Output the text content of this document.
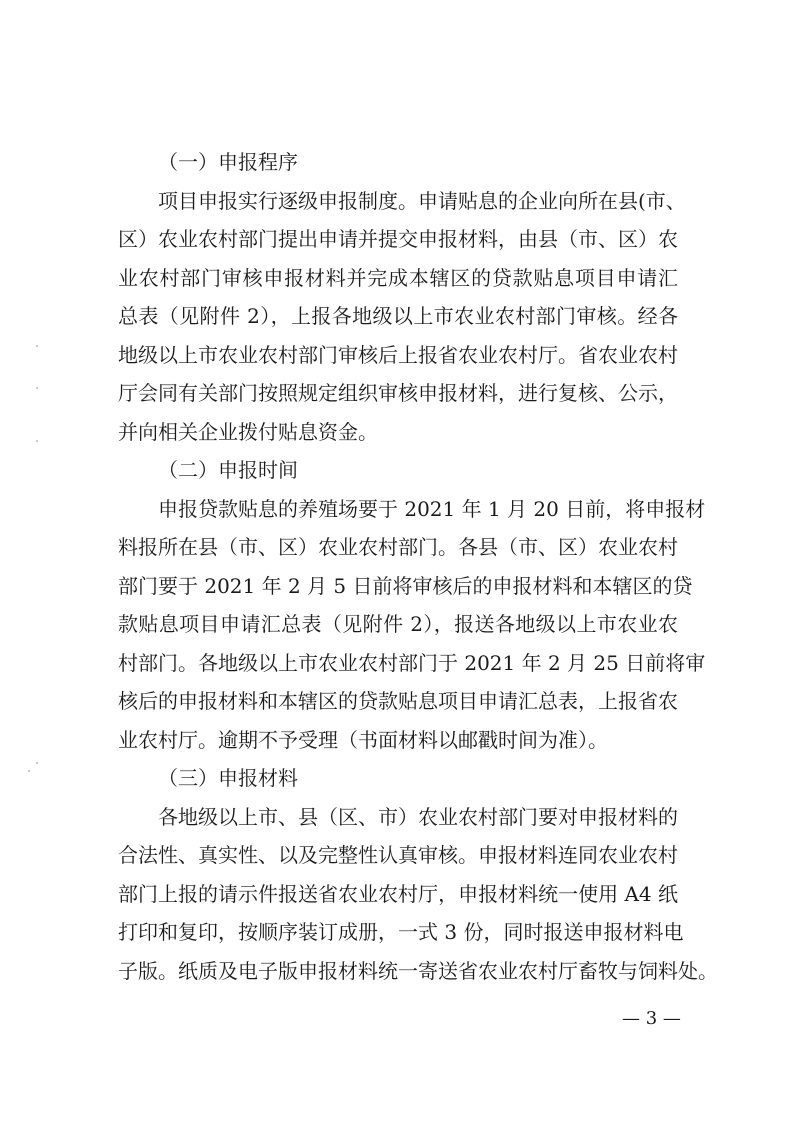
（一）申报程序

项目申报实行逐级申报制度。申请贴息的企业向所在县(市、
区）农业农村部门提出申请并提交申报材料，由县（市、区）农
业农村部门审核申报材料并完成本辖区的贷款贴息项目申请汇
总表（见附件 2），上报各地级以上市农业农村部门审核。经各
地级以上市农业农村部门审核后上报省农业农村厅。省农业农村
厅会同有关部门按照规定组织审核申报材料，进行复核、公示，
并向相关企业拨付贴息资金。

（二）申报时间

申报贷款贴息的养殖场要于 2021 年 1 月 20 日前，将申报材
料报所在县（市、区）农业农村部门。各县（市、区）农业农村
部门要于 2021 年 2 月 5 日前将审核后的申报材料和本辖区的贷
款贴息项目申请汇总表（见附件 2），报送各地级以上市农业农
村部门。各地级以上市农业农村部门于 2021 年 2 月 25 日前将审
核后的申报材料和本辖区的贷款贴息项目申请汇总表，上报省农
业农村厅。逾期不予受理（书面材料以邮戳时间为准）。

（三）申报材料

各地级以上市、县（区、市）农业农村部门要对申报材料的
合法性、真实性、以及完整性认真审核。申报材料连同农业农村
部门上报的请示件报送省农业农村厅，申报材料统一使用 A4 纸
打印和复印，按顺序装订成册，一式 3 份，同时报送申报材料电
子版。纸质及电子版申报材料统一寄送省农业农村厅畜牧与饲料处。
— 3 —
